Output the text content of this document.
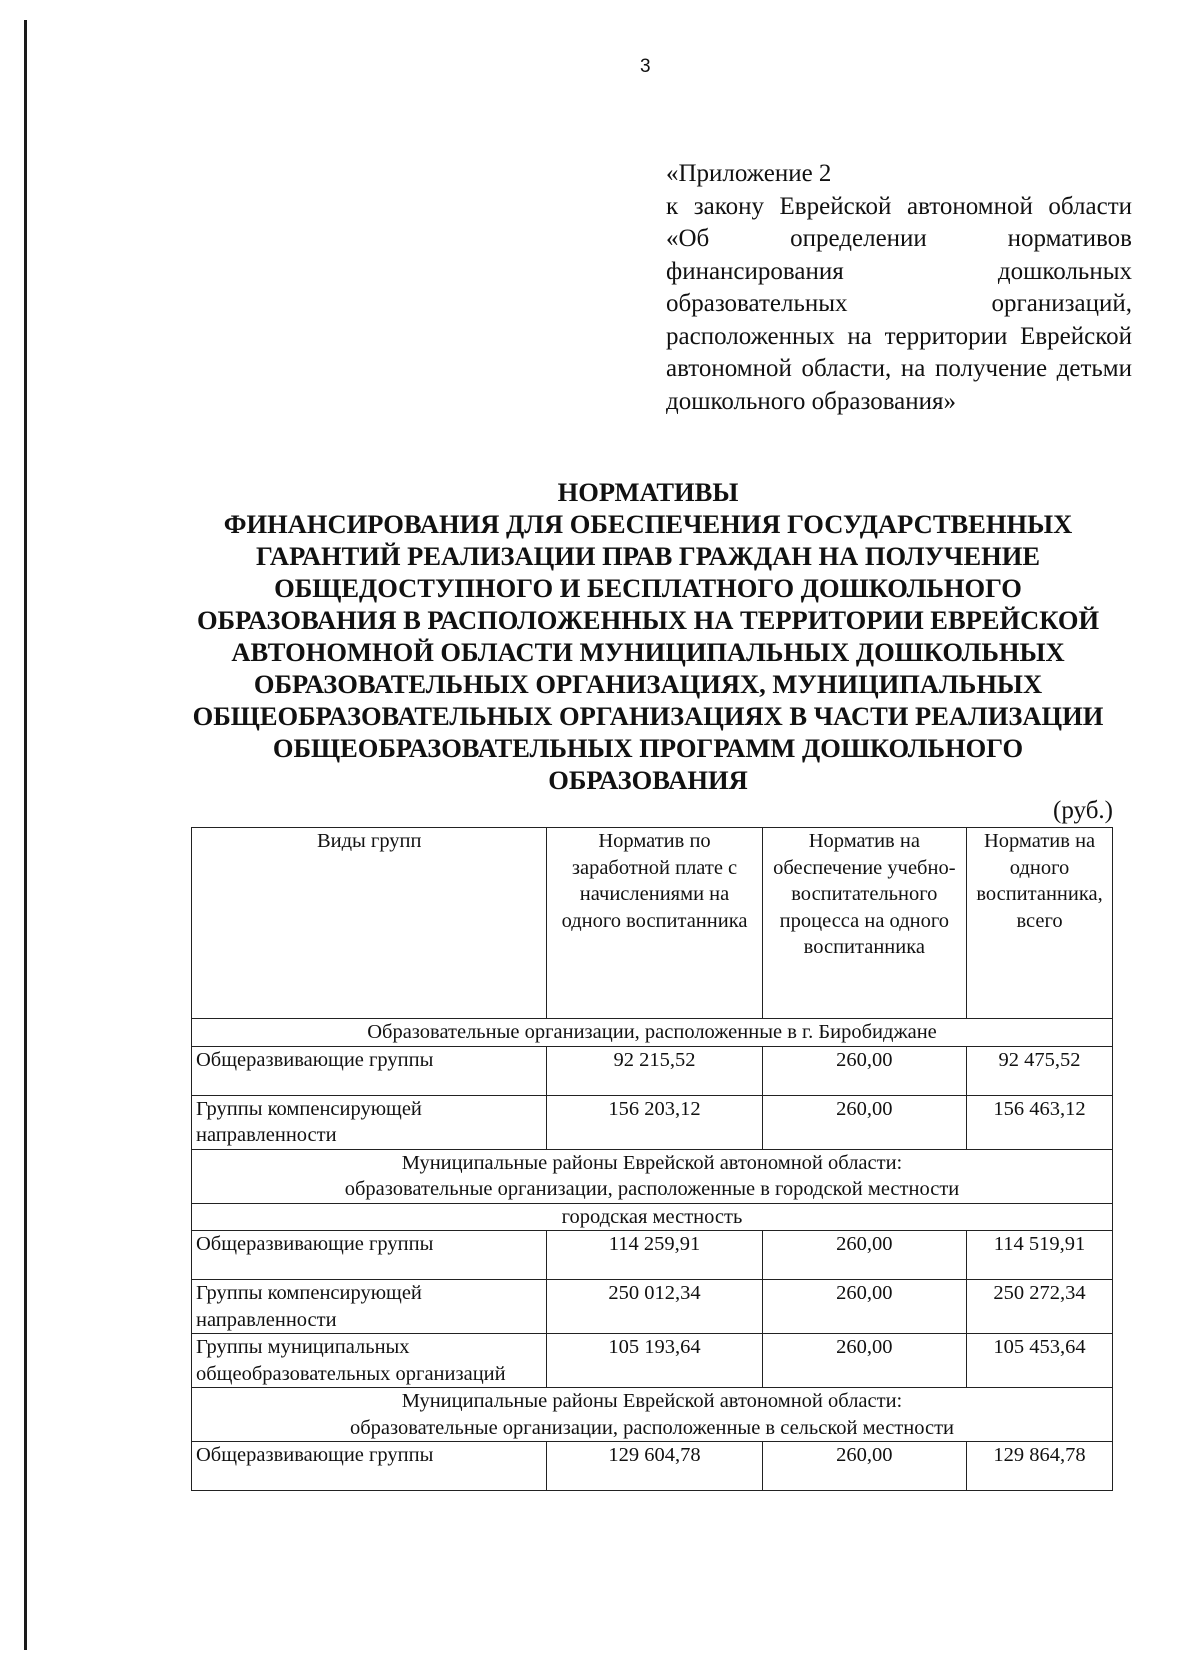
3
«Приложение 2
к закону Еврейской автономной области «Об определении нормативов финансирования дошкольных образовательных организаций, расположенных на территории Еврейской автономной области, на получение детьми дошкольного образования»
НОРМАТИВЫ
ФИНАНСИРОВАНИЯ ДЛЯ ОБЕСПЕЧЕНИЯ ГОСУДАРСТВЕННЫХ ГАРАНТИЙ РЕАЛИЗАЦИИ ПРАВ ГРАЖДАН НА ПОЛУЧЕНИЕ ОБЩЕДОСТУПНОГО И БЕСПЛАТНОГО ДОШКОЛЬНОГО ОБРАЗОВАНИЯ В РАСПОЛОЖЕННЫХ НА ТЕРРИТОРИИ ЕВРЕЙСКОЙ АВТОНОМНОЙ ОБЛАСТИ МУНИЦИПАЛЬНЫХ ДОШКОЛЬНЫХ ОБРАЗОВАТЕЛЬНЫХ ОРГАНИЗАЦИЯХ, МУНИЦИПАЛЬНЫХ ОБЩЕОБРАЗОВАТЕЛЬНЫХ ОРГАНИЗАЦИЯХ В ЧАСТИ РЕАЛИЗАЦИИ ОБЩЕОБРАЗОВАТЕЛЬНЫХ ПРОГРАММ ДОШКОЛЬНОГО ОБРАЗОВАНИЯ
(руб.)
Виды групп	Норматив по заработной плате с начислениями на одного воспитанника	Норматив на обеспечение учебно-воспитательного процесса на одного воспитанника	Норматив на одного воспитанника, всего
Образовательные организации, расположенные в г. Биробиджане			
Общеразвивающие группы	92 215,52	260,00	92 475,52
Группы компенсирующей направленности	156 203,12	260,00	156 463,12

Муниципальные районы Еврейской автономной области:
образовательные организации, расположенные в городской местности			

городская местность			
Общеразвивающие группы	114 259,91	260,00	114 519,91
Группы компенсирующей направленности	250 012,34	260,00	250 272,34
Группы муниципальных общеобразовательных организаций	105 193,64	260,00	105 453,64

Муниципальные районы Еврейской автономной области:
образовательные организации, расположенные в сельской местности			

Общеразвивающие группы	129 604,78	260,00	129 864,78
